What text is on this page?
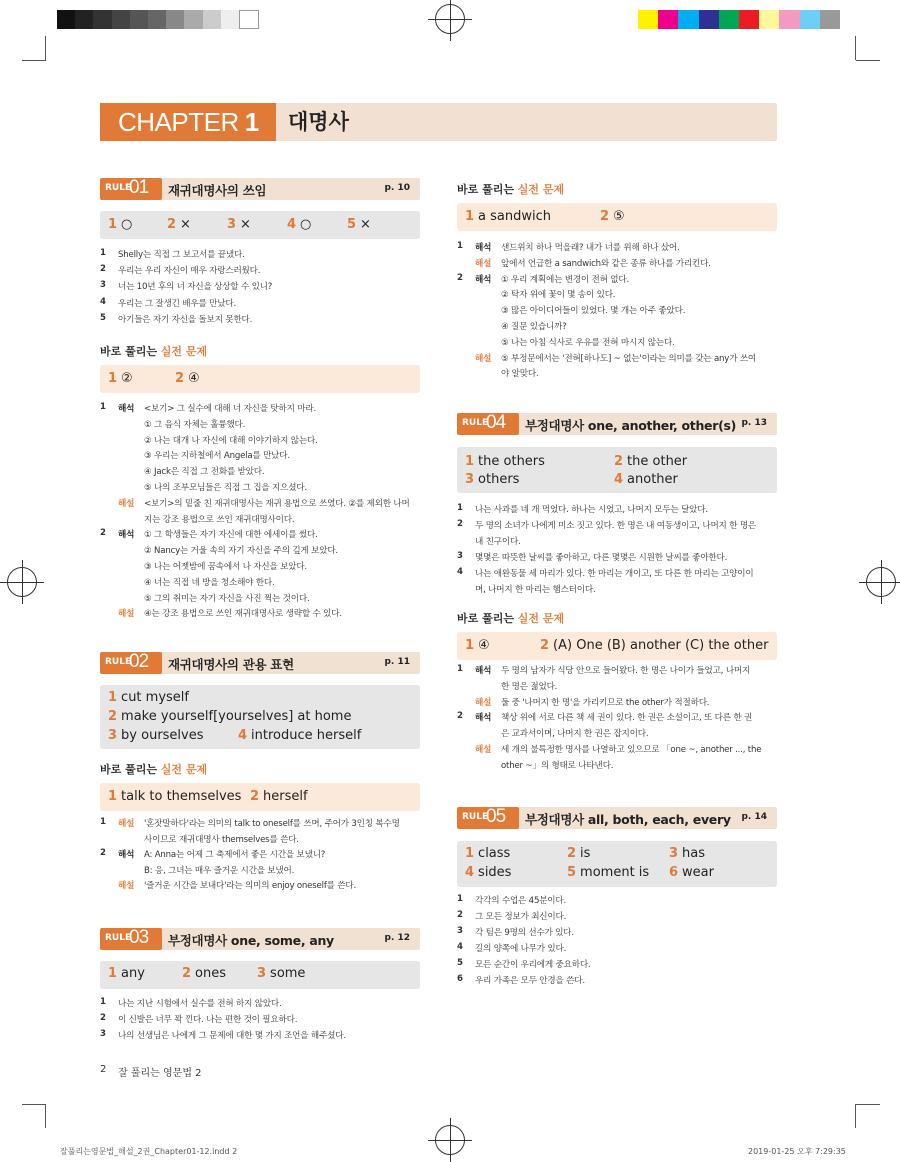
CHAPTER 1	대명사
2 잘 풀리는 영문법 2
잘풀리는영문법_해설_2권_Chapter01-12.indd 2	2019-01-25 오후 7:29:35
RULE
01 재귀대명사의 쓰임	p. 10
1 ○	2 ×	3 ×	4 ○	5 ×
1 Shelly는 직접 그 보고서를 끝냈다.
2 우리는 우리 자신이 매우 자랑스러웠다.
3 너는 10년 후의 너 자신을 상상할 수 있니?
4 우리는 그 잘생긴 배우를 만났다.
5 아기들은 자기 자신을 돌보지 못한다.
바로 풀리는 실전 문제
1 ②	2 ④
1 해석 <보기> 그 실수에 대해 너 자신을 탓하지 마라.
① 그 음식 자체는 훌륭했다.
② 나는 대개 나 자신에 대해 이야기하지 않는다.
③ 우리는 지하철에서 Angela를 만났다.
④ Jack은 직접 그 전화를 받았다.
⑤ 나의 조부모님들은 직접 그 집을 지으셨다.
해설 <보기>의 밑줄 친 재귀대명사는 재귀 용법으로 쓰였다. ②를 제외한 나머
지는 강조 용법으로 쓰인 재귀대명사이다.
2 해석 ① 그 학생들은 자기 자신에 대한 에세이를 썼다.
② Nancy는 거울 속의 자기 자신을 주의 깊게 보았다.
③ 나는 어젯밤에 꿈속에서 나 자신을 보았다.
④ 너는 직접 네 방을 청소해야 한다.
⑤ 그의 취미는 자기 자신을 사진 찍는 것이다.
해설 ④는 강조 용법으로 쓰인 재귀대명사로 생략할 수 있다.
RULE
02 재귀대명사의 관용 표현	p. 11
1 cut myself
2 make yourself[yourselves] at home
3 by ourselves	4 introduce herself
바로 풀리는 실전 문제
1 talk to themselves 2 herself
1 해설 '혼잣말하다'라는 의미의 talk to oneself를 쓰며, 주어가 3인칭 복수명
사이므로 재귀대명사 themselves를 쓴다.
2 해석 A: Anna는 어제 그 축제에서 좋은 시간을 보냈니?
B: 응, 그녀는 매우 즐거운 시간을 보냈어.
해설 '즐거운 시간을 보내다'라는 의미의 enjoy oneself를 쓴다.
RULE
03 부정대명사 one, some, any	p. 12
1 any	2 ones 3 some
1 나는 지난 시험에서 실수를 전혀 하지 않았다.
2 이 신발은 너무 꽉 낀다. 나는 편한 것이 필요하다.
3 나의 선생님은 나에게 그 문제에 대한 몇 가지 조언을 해주셨다.
바로 풀리는 실전 문제
1 a sandwich	2 ⑤
1 해석 샌드위치 하나 먹을래? 내가 너를 위해 하나 샀어.
해설 앞에서 언급한 a sandwich와 같은 종류 하나를 가리킨다.
2 해석 ① 우리 계획에는 변경이 전혀 없다.
② 탁자 위에 꽃이 몇 송이 있다.
③ 많은 아이디어들이 있었다. 몇 개는 아주 좋았다.
④ 질문 있습니까?
⑤ 나는 아침 식사로 우유를 전혀 마시지 않는다.
해설 ⑤ 부정문에서는 '전혀[하나도] ~ 없는'이라는 의미를 갖는 any가 쓰여
야 알맞다.
RULE
04 부정대명사 one, another, other(s) p. 13
1 the others	2 the other
3 others	4 another
1 나는 사과를 네 개 먹었다. 하나는 시었고, 나머지 모두는 달았다.
2 두 명의 소녀가 나에게 미소 짓고 있다. 한 명은 내 여동생이고, 나머지 한 명은
내 친구이다.
3 몇몇은 따뜻한 날씨를 좋아하고, 다른 몇몇은 시원한 날씨를 좋아한다.
4 나는 애완동물 세 마리가 있다. 한 마리는 개이고, 또 다른 한 마리는 고양이이
며, 나머지 한 마리는 햄스터이다.
바로 풀리는 실전 문제
1 ④	2 (A) One (B) another (C) the other
1 해석 두 명의 남자가 식당 안으로 들어왔다. 한 명은 나이가 들었고, 나머지
한 명은 젊었다.
해설 둘 중 '나머지 한 명'을 가리키므로 the other가 적절하다.
2 해석 책상 위에 서로 다른 책 세 권이 있다. 한 권은 소설이고, 또 다른 한 권
은 교과서이며, 나머지 한 권은 잡지이다.
해설 세 개의 불특정한 명사를 나열하고 있으므로 「one ~, another ..., the
other ~」의 형태로 나타낸다.
RULE
05 부정대명사 all, both, each, every p. 14
1 class	2 is	3 has
4 sides	5 moment is 6 wear
1 각각의 수업은 45분이다.
2 그 모든 정보가 최신이다.
3 각 팀은 9명의 선수가 있다.
4 길의 양쪽에 나무가 있다.
5 모든 순간이 우리에게 중요하다.
6 우리 가족은 모두 안경을 쓴다.
